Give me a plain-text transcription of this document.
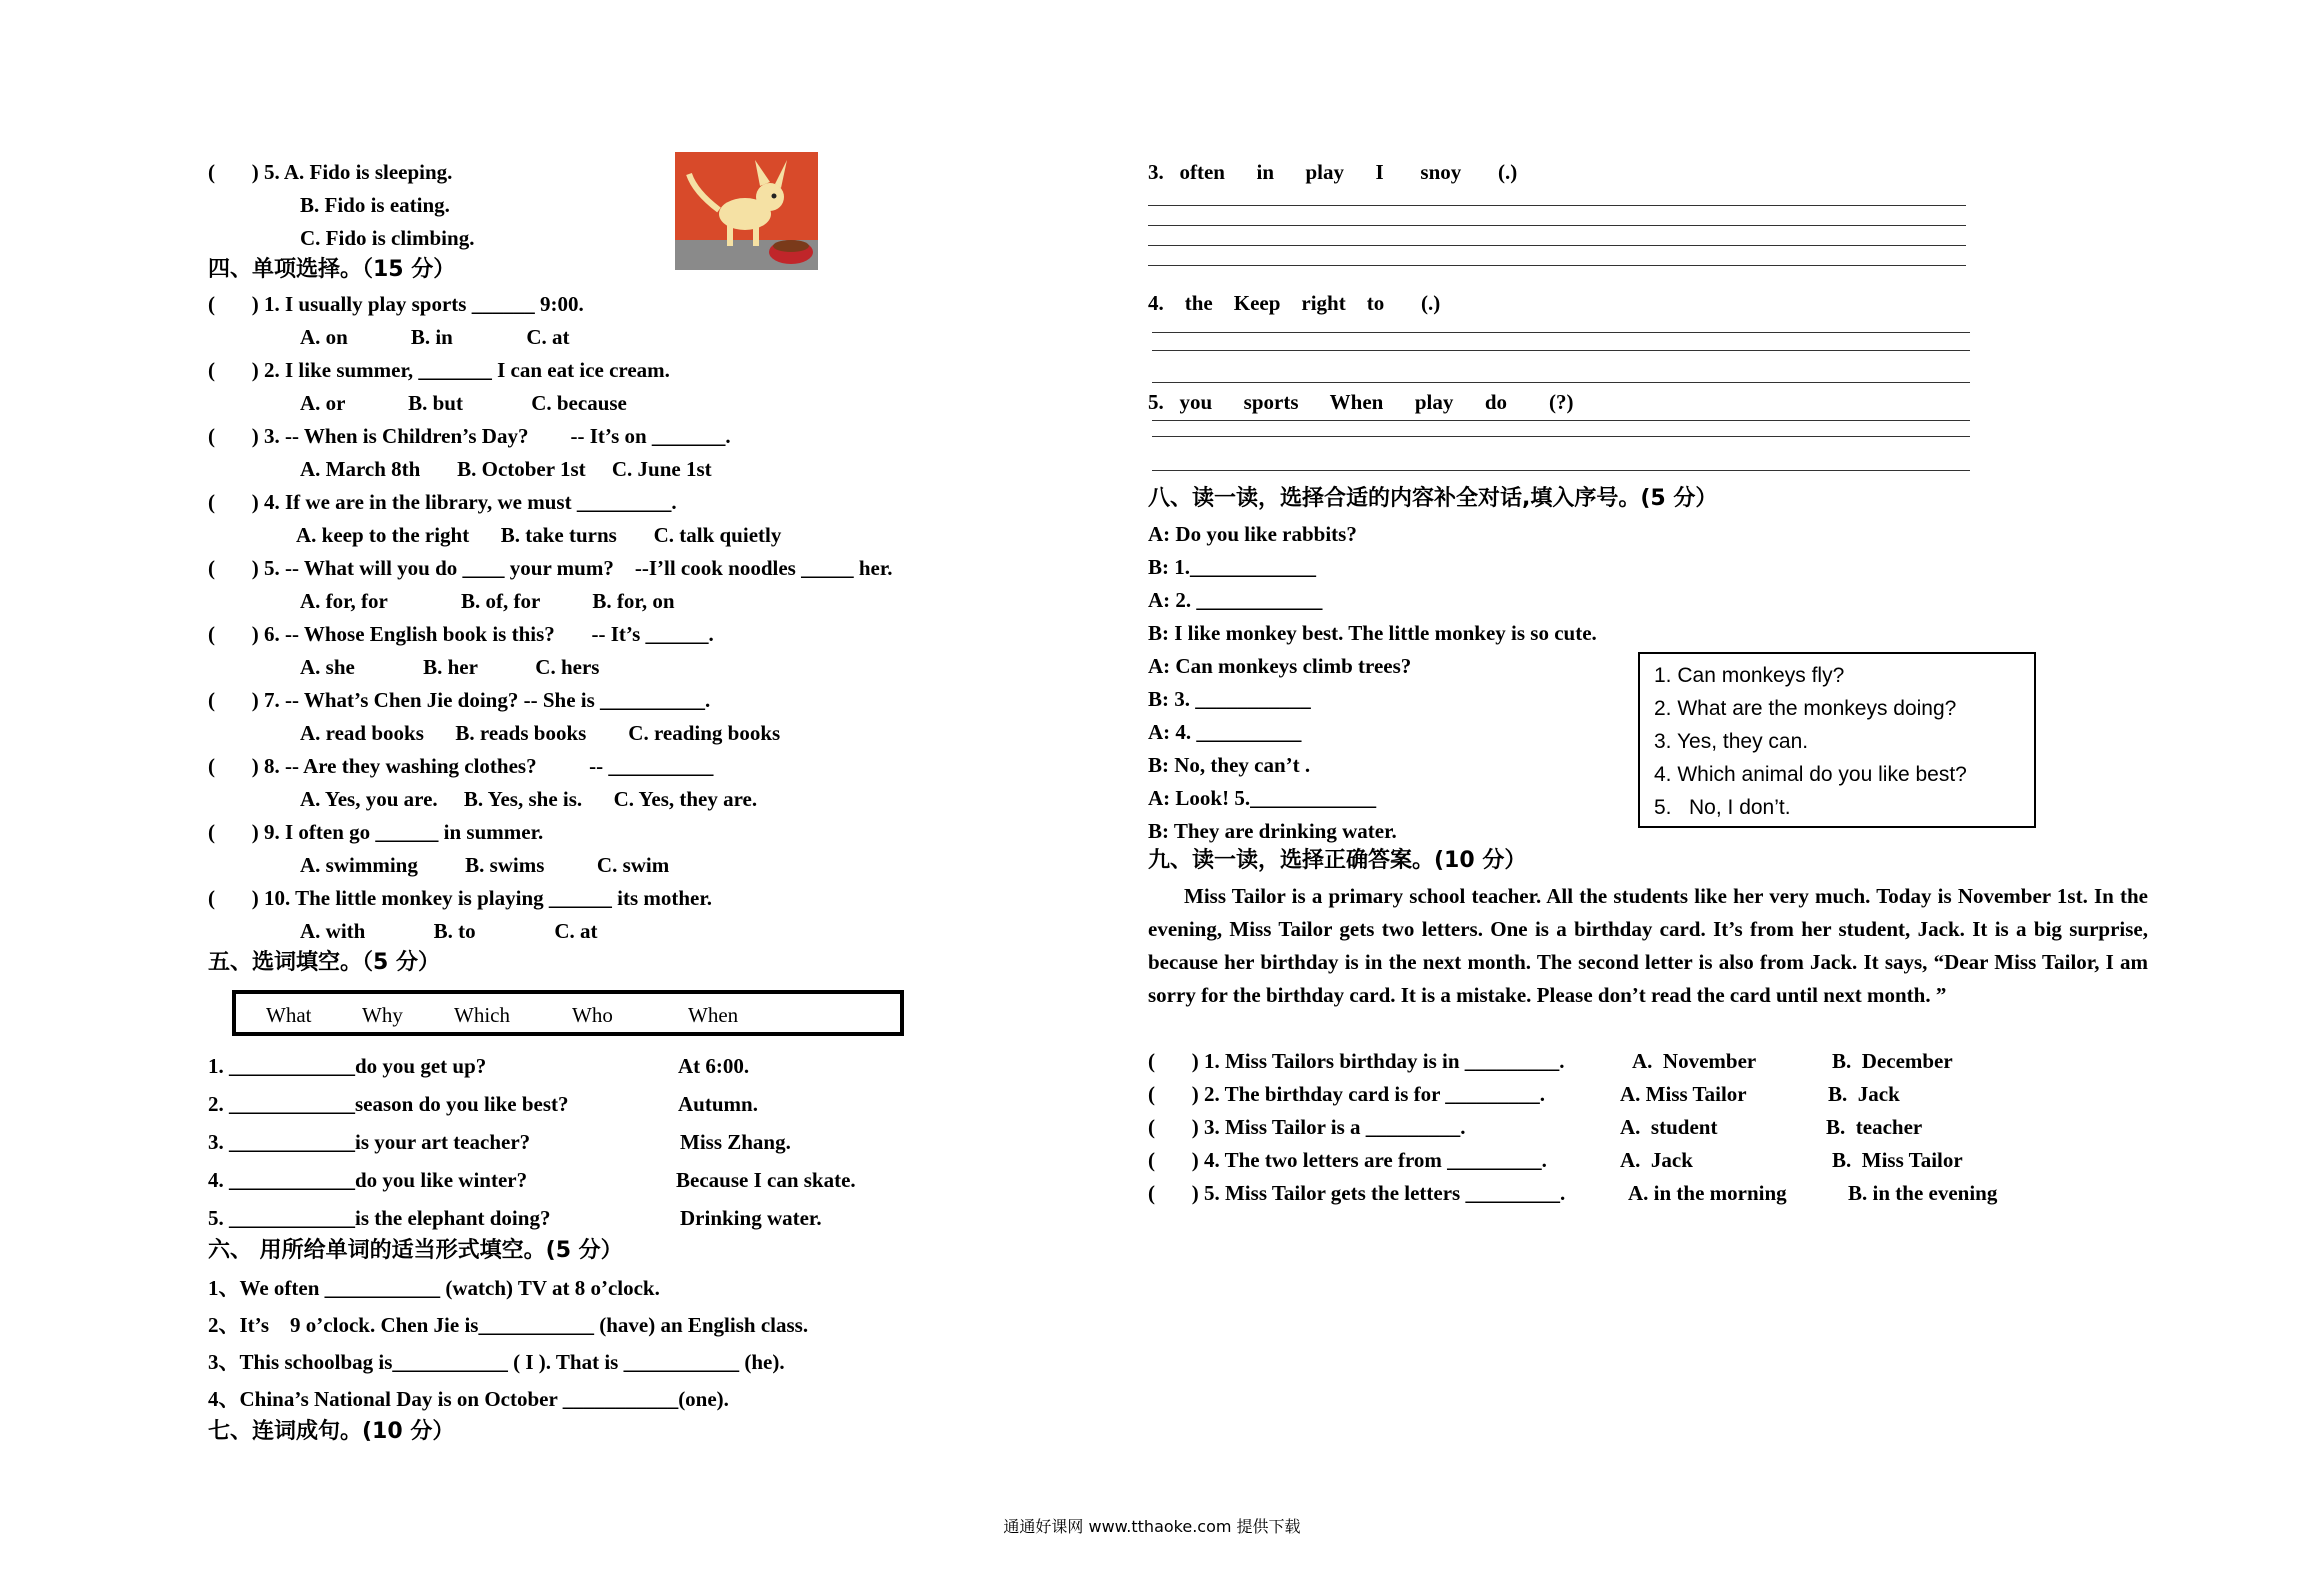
(       ) 5. A. Fido is sleeping.
B. Fido is eating.
C. Fido is climbing.
四、单项选择。（15 分）
(       ) 1. I usually play sports ______ 9:00.
A. on            B. in              C. at
(       ) 2. I like summer, _______ I can eat ice cream.
A. or            B. but             C. because
(       ) 3. -- When is Children’s Day?        -- It’s on _______.
A. March 8th       B. October 1st     C. June 1st
(       ) 4. If we are in the library, we must _________.
A. keep to the right      B. take turns       C. talk quietly
(       ) 5. -- What will you do ____ your mum?    --I’ll cook noodles _____ her.
A. for, for              B. of, for          B. for, on
(       ) 6. -- Whose English book is this?       -- It’s ______.
A. she             B. her           C. hers
(       ) 7. -- What’s Chen Jie doing? -- She is __________.
A. read books      B. reads books        C. reading books
(       ) 8. -- Are they washing clothes?          -- __________
A. Yes, you are.     B. Yes, she is.      C. Yes, they are.
(       ) 9. I often go ______ in summer.
A. swimming         B. swims          C. swim
(       ) 10. The little monkey is playing ______ its mother.
A. with             B. to               C. at
五、选词填空。（5 分）
What Why Which	Who	When
1. ____________do you get up?	At 6:00.
2. ____________season do you like best?	Autumn.
3. ____________is your art teacher?	Miss Zhang.
4. ____________do you like winter?	Because I can skate.
5. ____________is the elephant doing?	Drinking water.
六、 用所给单词的适当形式填空。(5 分）
1、We often ___________ (watch) TV at 8 o’clock.
2、It’s    9 o’clock. Chen Jie is___________ (have) an English class.
3、This schoolbag is___________ ( I ). That is ___________ (he).
4、China’s National Day is on October ___________(one).
七、连词成句。(10 分）
3.   often      in      play      I       snoy       (.)
4.    the    Keep    right    to       (.)
5.   you      sports      When      play      do        (?)
八、读一读，选择合适的内容补全对话,填入序号。(5 分）
A: Do you like rabbits?
B: 1.____________
A: 2. ____________
B: I like monkey best. The little monkey is so cute.
A: Can monkeys climb trees?
B: 3. ___________
A: 4. __________
B: No, they can’t .
A: Look! 5.____________
B: They are drinking water.
1. Can monkeys fly?
2. What are the monkeys doing?
3. Yes, they can.
4. Which animal do you like best?
5.   No, I don’t.
九、读一读，选择正确答案。(10 分）
Miss Tailor is a primary school teacher. All the students like her very much. Today is November 1st. In the evening, Miss Tailor gets two letters. One is a birthday card. It’s from her student, Jack. It is a big surprise, because her birthday is in the next month. The second letter is also from Jack. It says, “Dear Miss Tailor, I am sorry for the birthday card. It is a mistake. Please don’t read the card until next month. ”
(       ) 1. Miss Tailors birthday is in _________.	A.  November	B.  December
(       ) 2. The birthday card is for _________.	A. Miss Tailor	B.  Jack
(       ) 3. Miss Tailor is a _________.	A.  student	B.  teacher
(       ) 4. The two letters are from _________.	A.  Jack	B.  Miss Tailor
(       ) 5. Miss Tailor gets the letters _________.	A. in the morning	B. in the evening
通通好课网 www.tthaoke.com 提供下载
